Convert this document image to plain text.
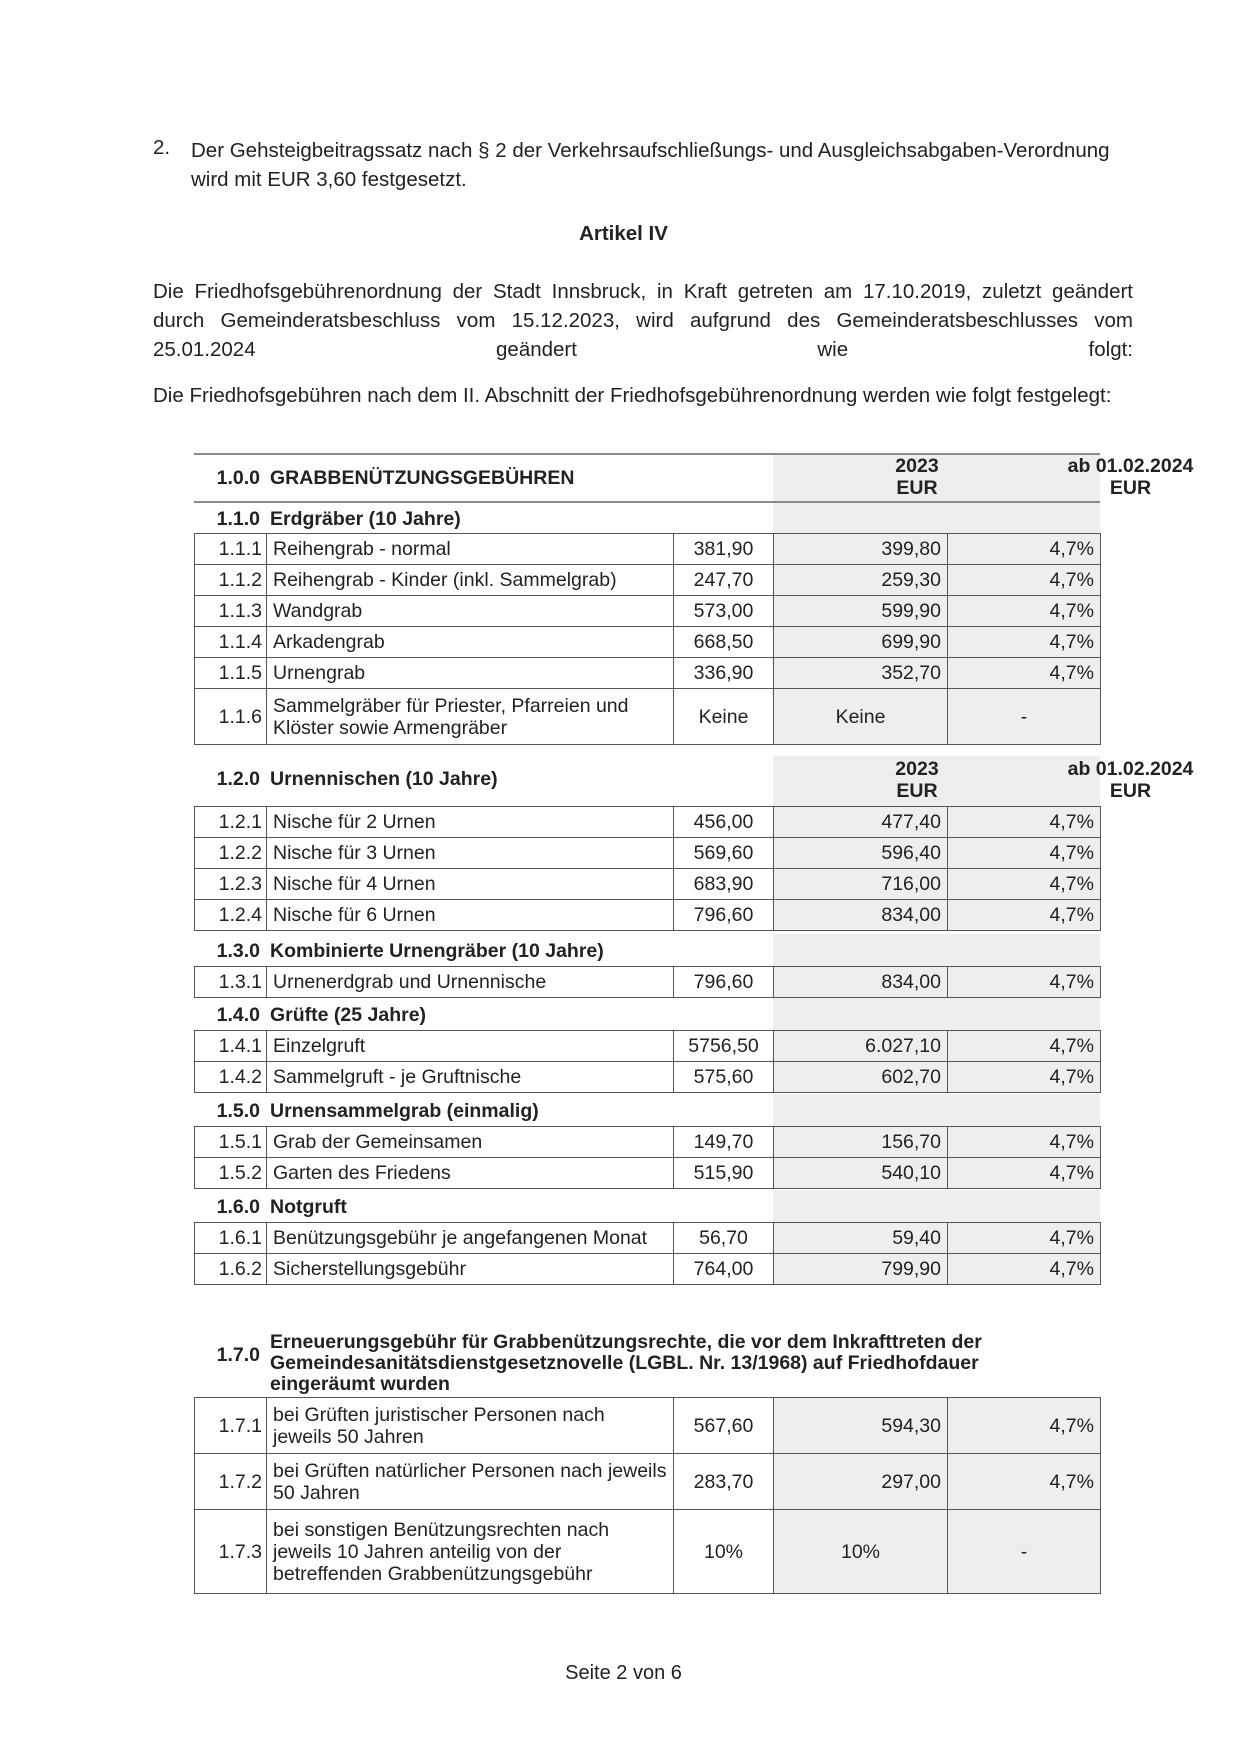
2. Der Gehsteigbeitragssatz nach § 2 der Verkehrsaufschließungs- und Ausgleichsabgaben-Verordnung wird mit EUR 3,60 festgesetzt.
Artikel IV
Die Friedhofsgebührenordnung der Stadt Innsbruck, in Kraft getreten am 17.10.2019, zuletzt geändert durch Gemeinderatsbeschluss vom 15.12.2023, wird aufgrund des Gemeinderatsbeschlusses vom 25.01.2024 geändert wie folgt:
Die Friedhofsgebühren nach dem II. Abschnitt der Friedhofsgebührenordnung werden wie folgt festgelegt:
1.0.0 GRABBENÜTZUNGSGEBÜHREN
2023
EUR
ab 01.02.2024
EUR
1.1.0 Erdgräber (10 Jahre)
1.1.1	Reihengrab - normal	381,90	399,80	4,7%
1.1.2	Reihengrab - Kinder (inkl. Sammelgrab)	247,70	259,30	4,7%
1.1.3	Wandgrab	573,00	599,90	4,7%
1.1.4	Arkadengrab	668,50	699,90	4,7%
1.1.5	Urnengrab	336,90	352,70	4,7%
1.1.6	Sammelgräber für Priester, Pfarreien und Klöster sowie Armengräber	Keine	Keine	-
1.2.0 Urnennischen (10 Jahre)	2023
EUR
ab 01.02.2024
EUR
1.2.1	Nische für 2 Urnen	456,00	477,40	4,7%
1.2.2	Nische für 3 Urnen	569,60	596,40	4,7%
1.2.3	Nische für 4 Urnen	683,90	716,00	4,7%
1.2.4	Nische für 6 Urnen	796,60	834,00	4,7%
1.3.0 Kombinierte Urnengräber (10 Jahre)
1.3.1	Urnenerdgrab und Urnennische	796,60	834,00	4,7%
1.4.0 Grüfte (25 Jahre)
1.4.1	Einzelgruft	5756,50	6.027,10	4,7%
1.4.2	Sammelgruft - je Gruftnische	575,60	602,70	4,7%
1.5.0 Urnensammelgrab (einmalig)
1.5.1	Grab der Gemeinsamen	149,70	156,70	4,7%
1.5.2	Garten des Friedens	515,90	540,10	4,7%
1.6.0 Notgruft
1.6.1	Benützungsgebühr je angefangenen Monat	56,70	59,40	4,7%
1.6.2	Sicherstellungsgebühr	764,00	799,90	4,7%
1.7.0
Erneuerungsgebühr für Grabbenützungsrechte, die vor dem Inkrafttreten der Gemeindesanitätsdienstgesetznovelle (LGBL. Nr. 13/1968) auf Friedhofdauer eingeräumt wurden
1.7.1	bei Grüften juristischer Personen nach jeweils 50 Jahren	567,60	594,30	4,7%
1.7.2	bei Grüften natürlicher Personen nach jeweils 50 Jahren	283,70	297,00	4,7%
1.7.3	bei sonstigen Benützungsrechten nach jeweils 10 Jahren anteilig von der betreffenden Grabbenützungsgebühr	10%	10%	-
Seite 2 von 6
